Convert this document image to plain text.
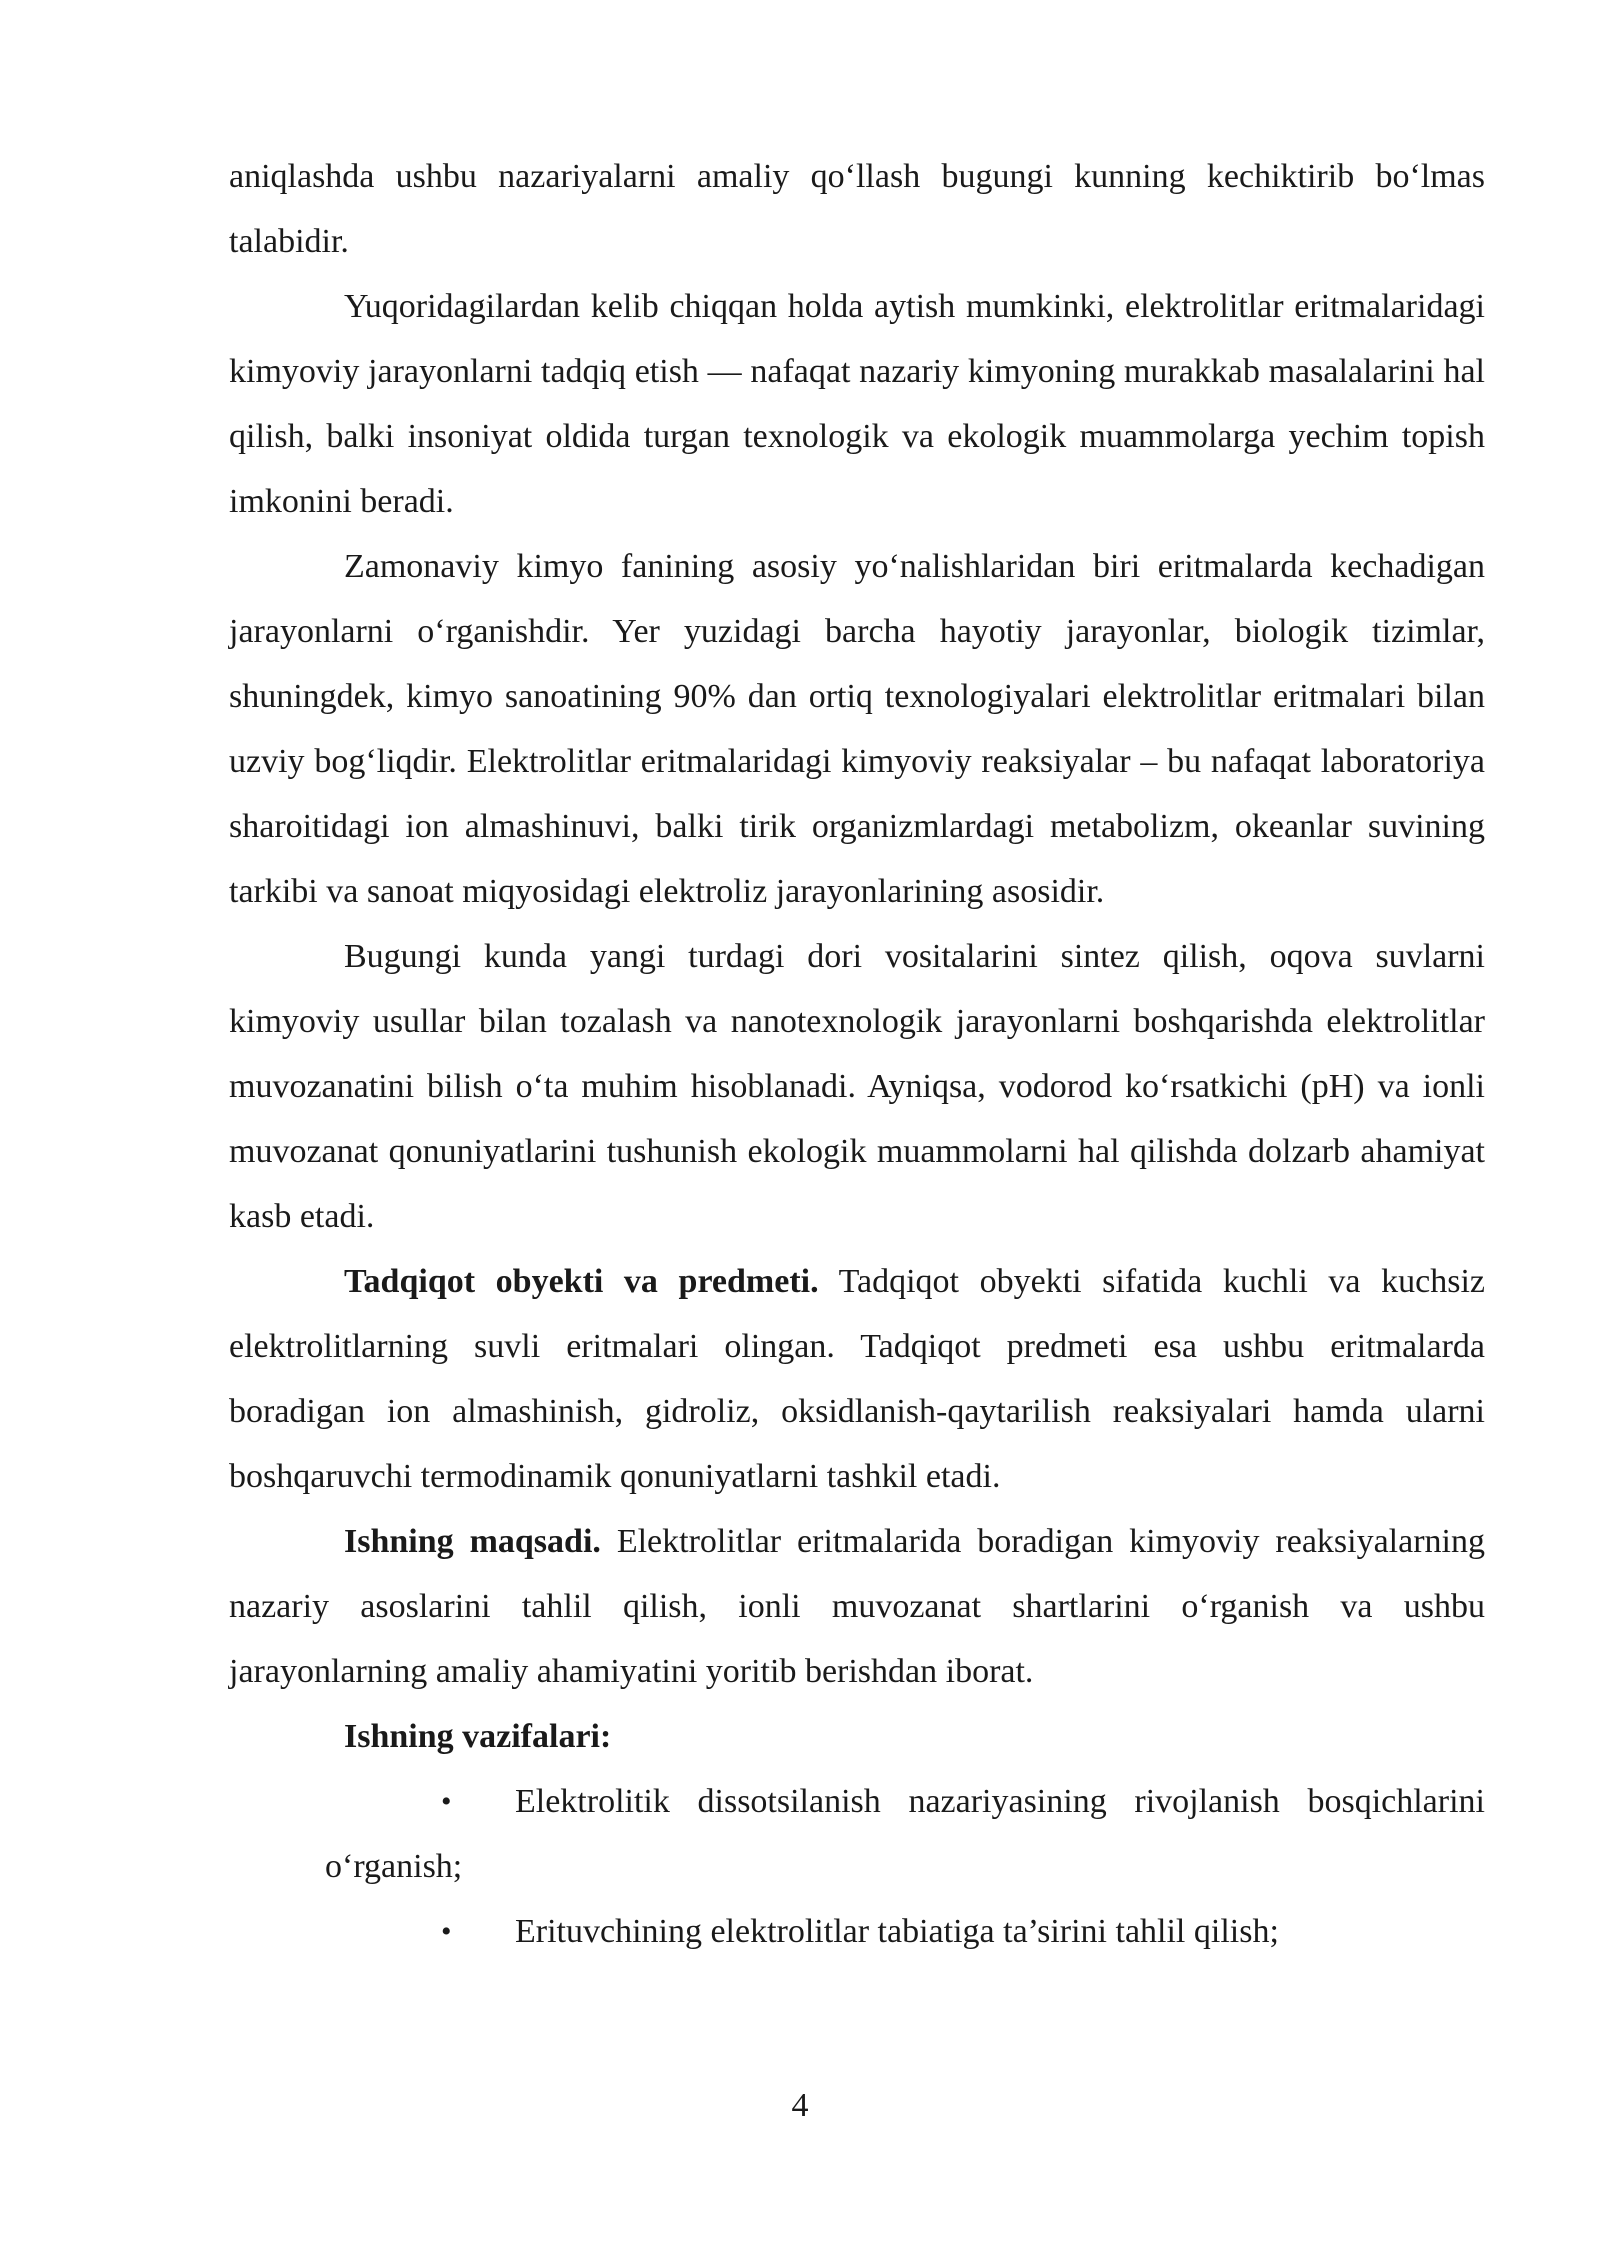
aniqlashda ushbu nazariyalarni amaliy qo‘llash bugungi kunning kechiktirib bo‘lmas talabidir.

Yuqoridagilardan kelib chiqqan holda aytish mumkinki, elektrolitlar eritmalaridagi kimyoviy jarayonlarni tadqiq etish — nafaqat nazariy kimyoning murakkab masalalarini hal qilish, balki insoniyat oldida turgan texnologik va ekologik muammolarga yechim topish imkonini beradi.

Zamonaviy kimyo fanining asosiy yo‘nalishlaridan biri eritmalarda kechadigan jarayonlarni o‘rganishdir. Yer yuzidagi barcha hayotiy jarayonlar, biologik tizimlar, shuningdek, kimyo sanoatining 90% dan ortiq texnologiyalari elektrolitlar eritmalari bilan uzviy bog‘liqdir. Elektrolitlar eritmalaridagi kimyoviy reaksiyalar – bu nafaqat laboratoriya sharoitidagi ion almashinuvi, balki tirik organizmlardagi metabolizm, okeanlar suvining tarkibi va sanoat miqyosidagi elektroliz jarayonlarining asosidir.

Bugungi kunda yangi turdagi dori vositalarini sintez qilish, oqova suvlarni kimyoviy usullar bilan tozalash va nanotexnologik jarayonlarni boshqarishda elektrolitlar muvozanatini bilish o‘ta muhim hisoblanadi. Ayniqsa, vodorod ko‘rsatkichi (pH) va ionli muvozanat qonuniyatlarini tushunish ekologik muammolarni hal qilishda dolzarb ahamiyat kasb etadi.

Tadqiqot obyekti va predmeti. Tadqiqot obyekti sifatida kuchli va kuchsiz elektrolitlarning suvli eritmalari olingan. Tadqiqot predmeti esa ushbu eritmalarda boradigan ion almashinish, gidroliz, oksidlanish-qaytarilish reaksiyalari hamda ularni boshqaruvchi termodinamik qonuniyatlarni tashkil etadi.

Ishning maqsadi. Elektrolitlar eritmalarida boradigan kimyoviy reaksiyalarning nazariy asoslarini tahlil qilish, ionli muvozanat shartlarini o‘rganish va ushbu jarayonlarning amaliy ahamiyatini yoritib berishdan iborat.

Ishning vazifalari:

• Elektrolitik dissotsilanish nazariyasining rivojlanish bosqichlarini o‘rganish;

• Erituvchining elektrolitlar tabiatiga ta’sirini tahlil qilish;

4
